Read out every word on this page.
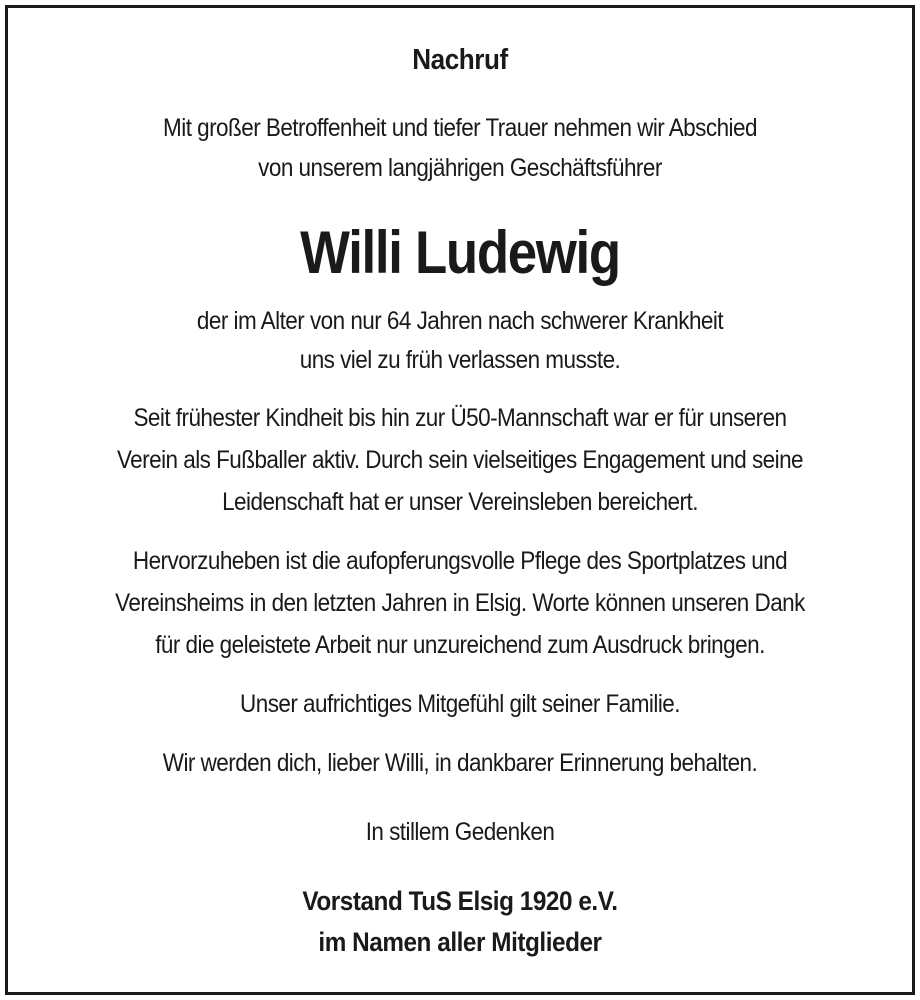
Nachruf
Mit großer Betroffenheit und tiefer Trauer nehmen wir Abschied
von unserem langjährigen Geschäftsführer
Willi Ludewig
der im Alter von nur 64 Jahren nach schwerer Krankheit
uns viel zu früh verlassen musste.
Seit frühester Kindheit bis hin zur Ü50-Mannschaft war er für unseren
Verein als Fußballer aktiv. Durch sein vielseitiges Engagement und seine
Leidenschaft hat er unser Vereinsleben bereichert.
Hervorzuheben ist die aufopferungsvolle Pflege des Sportplatzes und
Vereinsheims in den letzten Jahren in Elsig. Worte können unseren Dank
für die geleistete Arbeit nur unzureichend zum Ausdruck bringen.
Unser aufrichtiges Mitgefühl gilt seiner Familie.
Wir werden dich, lieber Willi, in dankbarer Erinnerung behalten.
In stillem Gedenken
Vorstand TuS Elsig 1920 e.V.
im Namen aller Mitglieder
